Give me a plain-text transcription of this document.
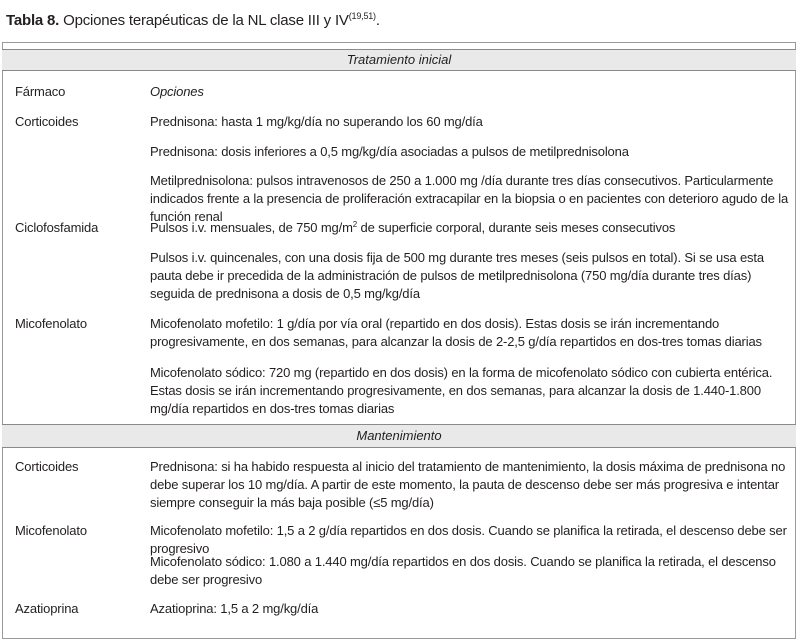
Tabla 8. Opciones terapéuticas de la NL clase III y IV$^{(19,51)}$.
Tratamiento inicial
Fármaco	Opciones
Corticoides	Prednisona: hasta 1 mg/kg/día no superando los 60 mg/día
Prednisona: dosis inferiores a 0,5 mg/kg/día asociadas a pulsos de metilprednisolona
Metilprednisolona: pulsos intravenosos de 250 a 1.000 mg /día durante tres días consecutivos. Particularmente indicados frente a la presencia de proliferación extracapilar en la biopsia o en pacientes con deterioro agudo de la función renal
Ciclofosfamida	Pulsos i.v. mensuales, de 750 $mg/m^2$ de superficie corporal, durante seis meses consecutivos
Pulsos i.v. quincenales, con una dosis fija de 500 mg durante tres meses (seis pulsos en total). Si se usa esta pauta debe ir precedida de la administración de pulsos de metilprednisolona (750 mg/día durante tres días) seguida de prednisona a dosis de 0,5 mg/kg/día
Micofenolato	Micofenolato mofetilo: 1 g/día por vía oral (repartido en dos dosis). Estas dosis se irán incrementando progresivamente, en dos semanas, para alcanzar la dosis de 2-2,5 g/día repartidos en dos-tres tomas diarias
Micofenolato sódico: 720 mg (repartido en dos dosis) en la forma de micofenolato sódico con cubierta entérica. Estas dosis se irán incrementando progresivamente, en dos semanas, para alcanzar la dosis de 1.440-1.800 mg/día repartidos en dos-tres tomas diarias
Mantenimiento
Corticoides	Prednisona: si ha habido respuesta al inicio del tratamiento de mantenimiento, la dosis máxima de prednisona no debe superar los 10 mg/día. A partir de este momento, la pauta de descenso debe ser más progresiva e intentar siempre conseguir la más baja posible (≤5 mg/día)
Micofenolato	Micofenolato mofetilo: 1,5 a 2 g/día repartidos en dos dosis. Cuando se planifica la retirada, el descenso debe ser progresivo
Micofenolato sódico: 1.080 a 1.440 mg/día repartidos en dos dosis. Cuando se planifica la retirada, el descenso debe ser progresivo
Azatioprina	Azatioprina: 1,5 a 2 mg/kg/día
